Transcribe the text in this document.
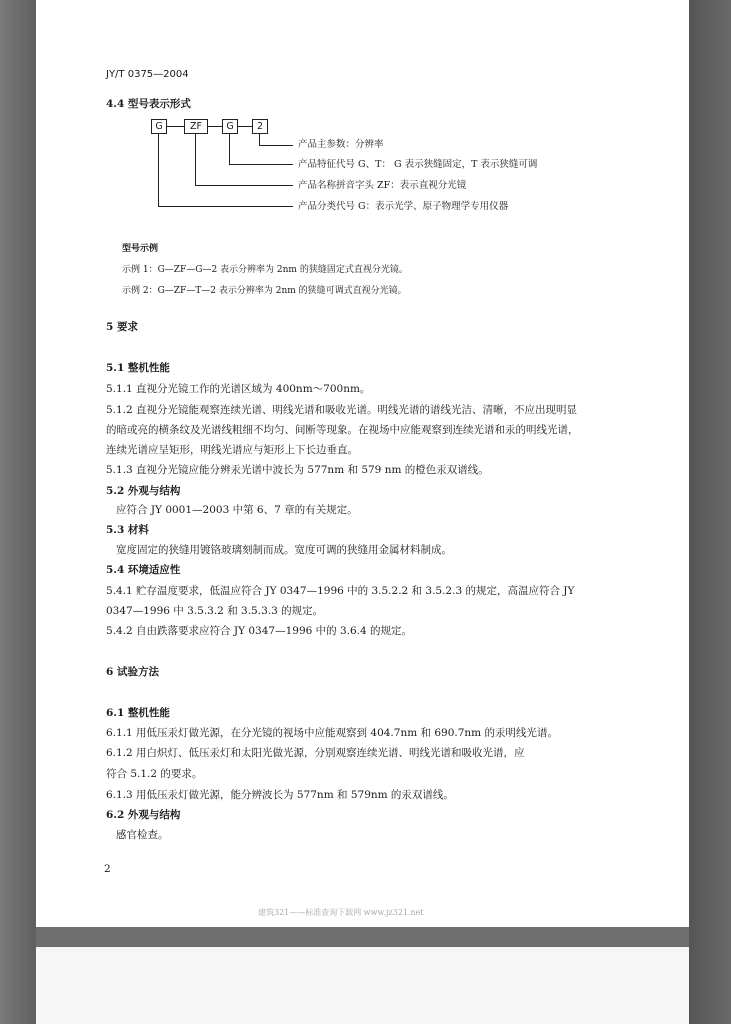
JY/T 0375—2004
4.4 型号表示形式
G	ZF	G	2
产品主参数：分辨率
产品特征代号 G、T： G 表示狭缝固定，T 表示狭缝可调
产品名称拼音字头 ZF：表示直视分光镜
产品分类代号 G：表示光学、原子物理学专用仪器
型号示例
示例 1：G—ZF—G—2 表示分辨率为 2nm 的狭缝固定式直视分光镜。
示例 2：G—ZF—T—2 表示分辨率为 2nm 的狭缝可调式直视分光镜。
5 要求
5.1 整机性能
5.1.1 直视分光镜工作的光谱区域为 400nm～700nm。
5.1.2 直视分光镜能观察连续光谱、明线光谱和吸收光谱。明线光谱的谱线光洁、清晰，不应出现明显
的暗或亮的横条纹及光谱线粗细不均匀、间断等现象。在视场中应能观察到连续光谱和汞的明线光谱，
连续光谱应呈矩形，明线光谱应与矩形上下长边垂直。
5.1.3 直视分光镜应能分辨汞光谱中波长为 577nm 和 579 nm 的橙色汞双谱线。
5.2 外观与结构
应符合 JY 0001—2003 中第 6、7 章的有关规定。
5.3 材料
宽度固定的狭缝用镀铬玻璃刻制而成。宽度可调的狭缝用金属材料制成。
5.4 环境适应性
5.4.1 贮存温度要求，低温应符合 JY 0347—1996 中的 3.5.2.2 和 3.5.2.3 的规定，高温应符合 JY
0347—1996 中 3.5.3.2 和 3.5.3.3 的规定。
5.4.2 自由跌落要求应符合 JY 0347—1996 中的 3.6.4 的规定。
6 试验方法
6.1 整机性能
6.1.1 用低压汞灯做光源，在分光镜的视场中应能观察到 404.7nm 和 690.7nm 的汞明线光谱。
6.1.2 用白炽灯、低压汞灯和太阳光做光源，分别观察连续光谱、明线光谱和吸收光谱，应
符合 5.1.2 的要求。
6.1.3 用低压汞灯做光源，能分辨波长为 577nm 和 579nm 的汞双谱线。
6.2 外观与结构
感官检查。
2
建筑321——标准查询下载网 www.jz321.net
